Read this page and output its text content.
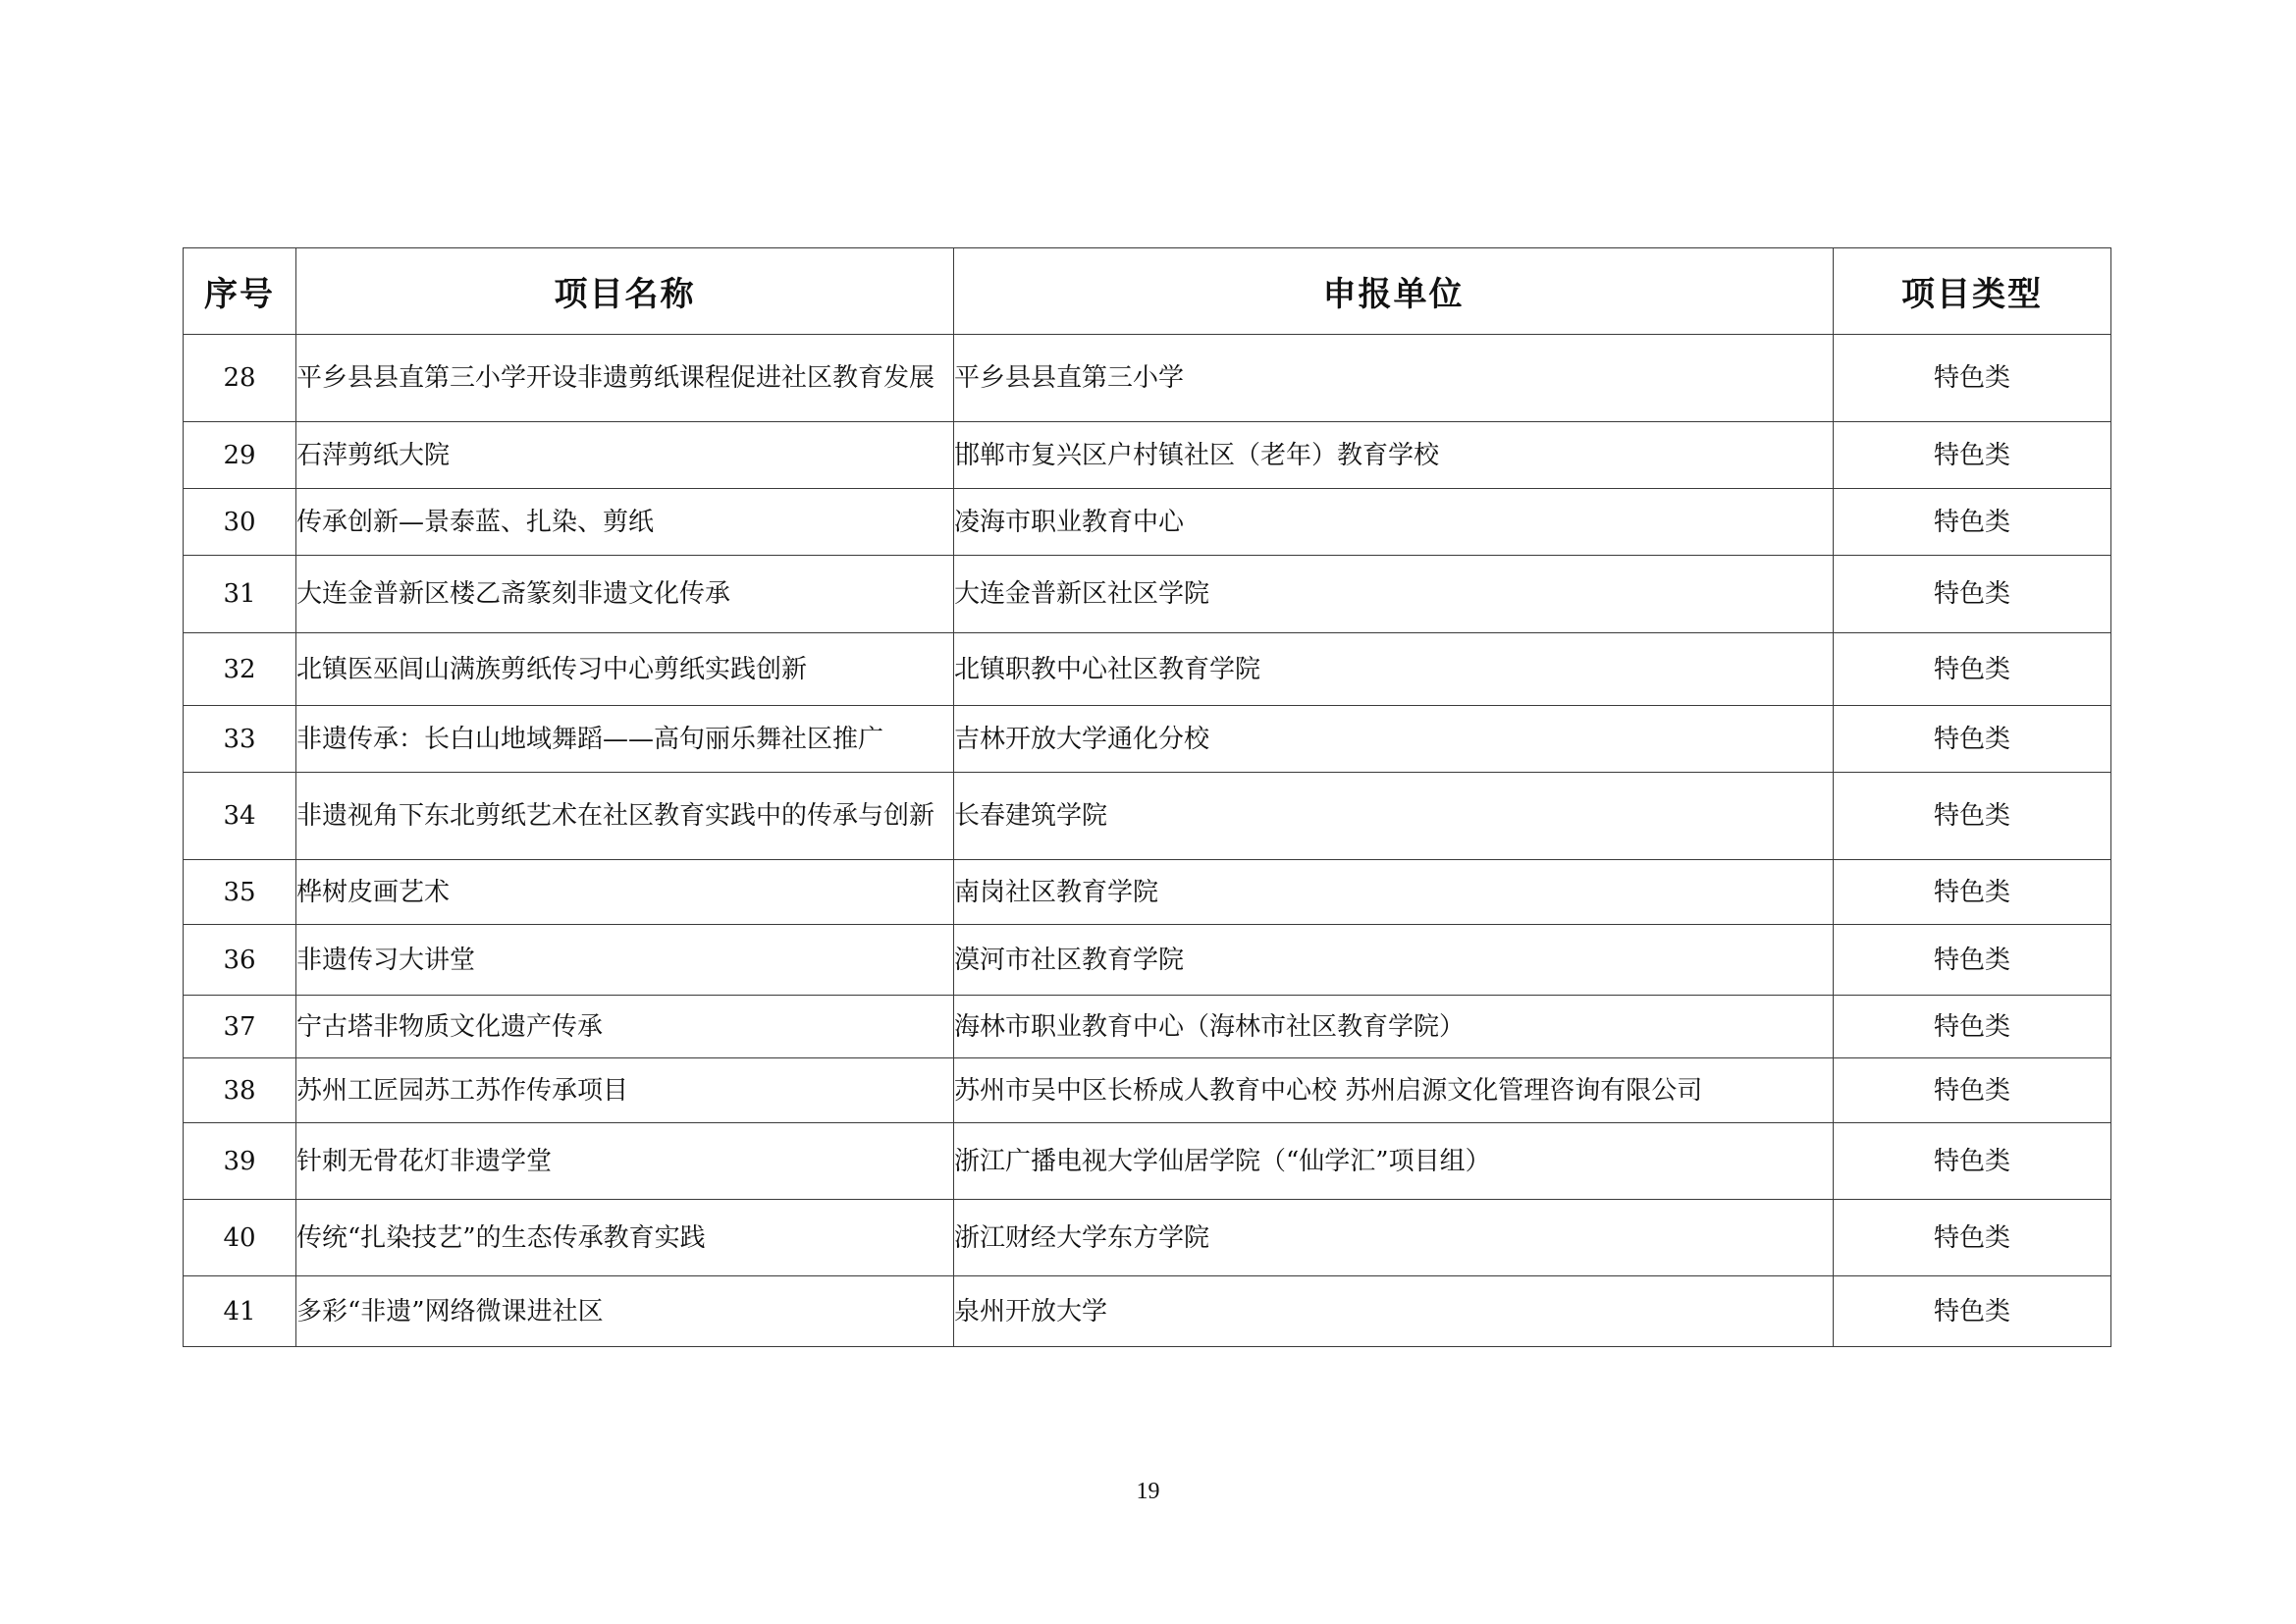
序号	项目名称	申报单位	项目类型
28	平乡县县直第三小学开设非遗剪纸课程促进社区教育发展	平乡县县直第三小学	特色类
29	石萍剪纸大院	邯郸市复兴区户村镇社区（老年）教育学校	特色类
30	传承创新—景泰蓝、扎染、剪纸	凌海市职业教育中心	特色类
31	大连金普新区楼乙斋篆刻非遗文化传承	大连金普新区社区学院	特色类
32	北镇医巫闾山满族剪纸传习中心剪纸实践创新	北镇职教中心社区教育学院	特色类
33	非遗传承：长白山地域舞蹈——高句丽乐舞社区推广	吉林开放大学通化分校	特色类
34	非遗视角下东北剪纸艺术在社区教育实践中的传承与创新	长春建筑学院	特色类
35	桦树皮画艺术	南岗社区教育学院	特色类
36	非遗传习大讲堂	漠河市社区教育学院	特色类
37	宁古塔非物质文化遗产传承	海林市职业教育中心（海林市社区教育学院）	特色类
38	苏州工匠园苏工苏作传承项目	苏州市吴中区长桥成人教育中心校 苏州启源文化管理咨询有限公司	特色类
39	针刺无骨花灯非遗学堂	浙江广播电视大学仙居学院（“仙学汇”项目组）	特色类
40	传统“扎染技艺”的生态传承教育实践	浙江财经大学东方学院	特色类
41	多彩“非遗”网络微课进社区	泉州开放大学	特色类
19
